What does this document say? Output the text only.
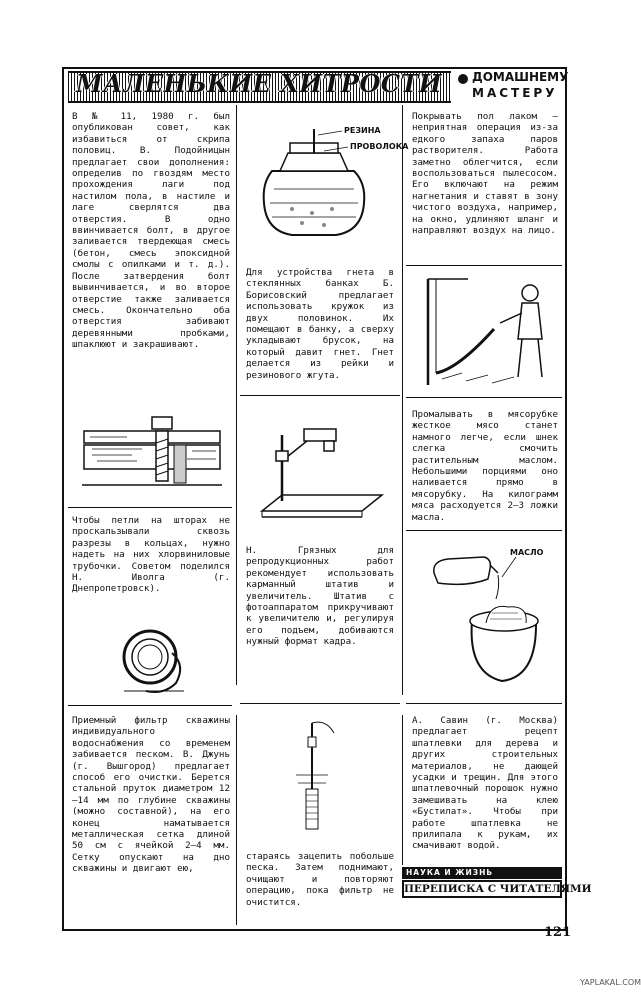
МАЛЕНЬКИЕ ХИТРОСТИ	ДОМАШНЕМУ
МАСТЕРУ

В № 11, 1980 г. был опубликован совет, как избавиться от скрипа половиц. В. Подойницын предлагает свои дополнения: определив по гвоздям место прохождения лаги под настилом пола, в настиле и лаге сверлятся два отверстия. В одно ввинчивается болт, в другое заливается твердеющая смесь (бетон, смесь эпоксидной смолы с опилками и т. д.). После затвердения болт вывинчивается, и во второе отверстие также заливается смесь. Окончательно оба отверстия забивают деревянными пробками, шпаклюют и закрашивают.

Чтобы петли на шторах не проскальзывали сквозь разрезы в кольцах, нужно надеть на них хлорвиниловые трубочки. Советом поделился Н. Иволга (г. Днепропетровск).

Приемный фильтр скважины индивидуального водоснабжения со временем забивается песком. В. Джунь (г. Вышгород) предлагает способ его очистки. Берется стальной пруток диаметром 12—14 мм по глубине скважины (можно составной), на его конец наматывается металлическая сетка длиной 50 см с ячейкой 2—4 мм. Сетку опускают на дно скважины и двигают ею,

РЕЗИНА
ПРОВОЛОКА

Для устройства гнета в стеклянных банках Б. Борисовский предлагает использовать кружок из двух половинок. Их помещают в банку, а сверху укладывают брусок, на который давит гнет. Гнет делается из рейки и резинового жгута.

Н. Грязных для репродукционных работ рекомендует использовать карманный штатив и увеличитель. Штатив с фотоаппаратом прикручивают к увеличителю и, регулируя его подъем, добиваются нужный формат кадра.

стараясь зацепить побольше песка. Затем поднимают, очищают и повторяют операцию, пока фильтр не очистится.

Покрывать пол лаком — неприятная операция из-за едкого запаха паров растворителя. Работа заметно облегчится, если воспользоваться пылесосом. Его включают на режим нагнетания и ставят в зону чистого воздуха, например, на окно, удлиняют шланг и направляют воздух на лицо.

Промалывать в мясорубке жесткое мясо станет намного легче, если шнек слегка смочить растительным маслом. Небольшими порциями оно наливается прямо в мясорубку. На килограмм мяса расходуется 2—3 ложки масла.

МАСЛО

А. Савин (г. Москва) предлагает рецепт шпатлевки для дерева и других строительных материалов, не дающей усадки и трещин. Для этого шпатлевочный порошок нужно замешивать на клею «Бустилат». Чтобы при работе шпатлевка не прилипала к рукам, их смачивают водой.

НАУКА И ЖИЗНЬ
ПЕРЕПИСКА С ЧИТАТЕЛЯМИ
121
YAPLAKAL.COM
